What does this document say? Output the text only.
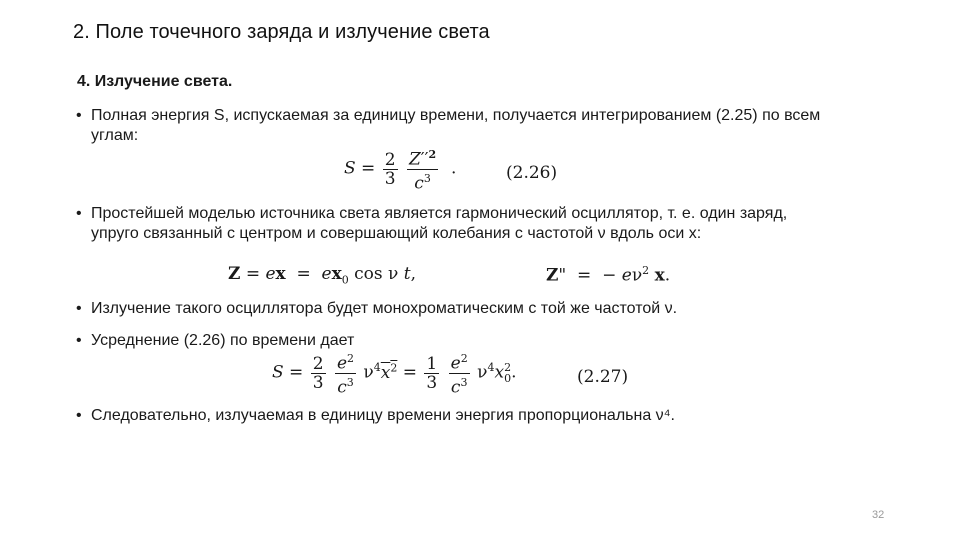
2. Поле точечного заряда и излучение света
4. Излучение света.
• Полная энергия S, испускаемая за единицу времени, получается интегрированием (2.25) по всем углам:
$S = \frac{2}{3}$
$\frac{Z''^2}{c^3}$ .	(2.26)
• Простейшей моделью источника света является гармонический осциллятор, т. е. один заряд, упруго связанный с центром и совершающий колебания с частотой ν вдоль оси x:
Z = ex  =  $ex_0$ cos ν t,	Z"  =  − $e\nu^2$ x.
• Излучение такого осциллятора будет монохроматическим с той же частотой ν.
• Усреднение (2.26) по времени дает
$S = \frac{2}{3}$
$\frac{e^2}{c^3} \nu^4x^2 = \frac{1}{3}$
$\frac{e^2}{c^3} \nu^4x_0^2$.	(2.27)
• Следовательно, излучаемая в единицу времени энергия пропорциональна ν⁴.
32
